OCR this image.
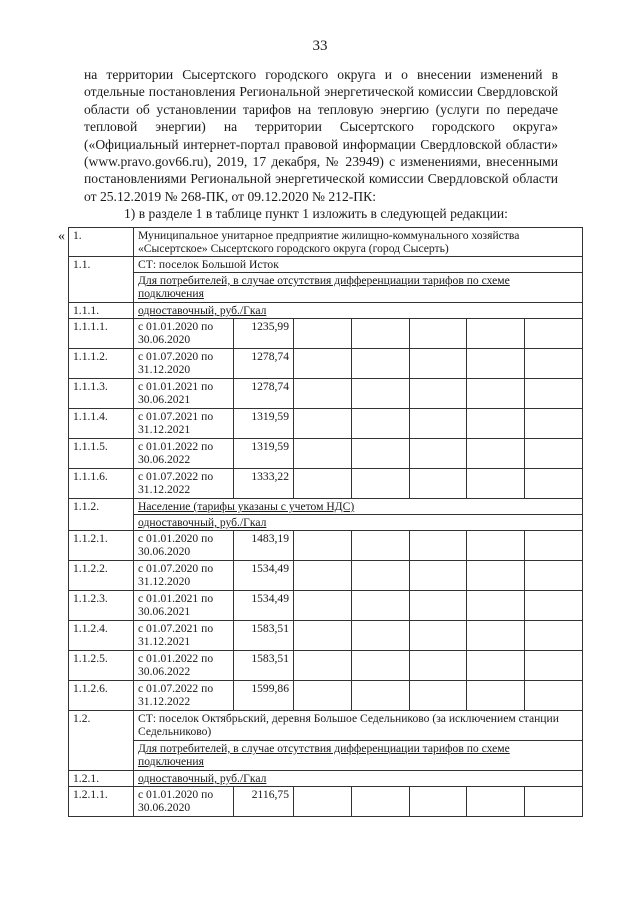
33

на территории Сысертского городского округа и о внесении изменений в отдельные постановления Региональной энергетической комиссии Свердловской области об установлении тарифов на тепловую энергию (услуги по передаче тепловой энергии) на территории Сысертского городского округа» («Официальный интернет-портал правовой информации Свердловской области» (www.pravo.gov66.ru), 2019, 17 декабря, № 23949) с изменениями, внесенными постановлениями Региональной энергетической комиссии Свердловской области от 25.12.2019 № 268-ПК, от 09.12.2020 № 212-ПК:

1) в разделе 1 в таблице пункт 1 изложить в следующей редакции:

« 1.	Муниципальное унитарное предприятие жилищно-коммунального хозяйства «Сысертское» Сысертского городского округа (город Сысерть)						
1.1.	СТ: поселок Большой Исток						
	Для потребителей, в случае отсутствия дифференциации тарифов по схеме подключения						
1.1.1.	одноставочный, руб./Гкал						
1.1.1.1.	с 01.01.2020 по 30.06.2020	1235,99					
1.1.1.2.	с 01.07.2020 по 31.12.2020	1278,74					
1.1.1.3.	с 01.01.2021 по 30.06.2021	1278,74					
1.1.1.4.	с 01.07.2021 по 31.12.2021	1319,59					
1.1.1.5.	с 01.01.2022 по 30.06.2022	1319,59					
1.1.1.6.	с 01.07.2022 по 31.12.2022	1333,22					
1.1.2.	Население (тарифы указаны с учетом НДС)						
	одноставочный, руб./Гкал						
1.1.2.1.	с 01.01.2020 по 30.06.2020	1483,19					
1.1.2.2.	с 01.07.2020 по 31.12.2020	1534,49					
1.1.2.3.	с 01.01.2021 по 30.06.2021	1534,49					
1.1.2.4.	с 01.07.2021 по 31.12.2021	1583,51					
1.1.2.5.	с 01.01.2022 по 30.06.2022	1583,51					
1.1.2.6.	с 01.07.2022 по 31.12.2022	1599,86					
1.2.	СТ: поселок Октябрьский, деревня Большое Седельниково (за исключением станции Седельниково)						
	Для потребителей, в случае отсутствия дифференциации тарифов по схеме подключения						
1.2.1.	одноставочный, руб./Гкал						
1.2.1.1.	с 01.01.2020 по 30.06.2020	2116,75					
